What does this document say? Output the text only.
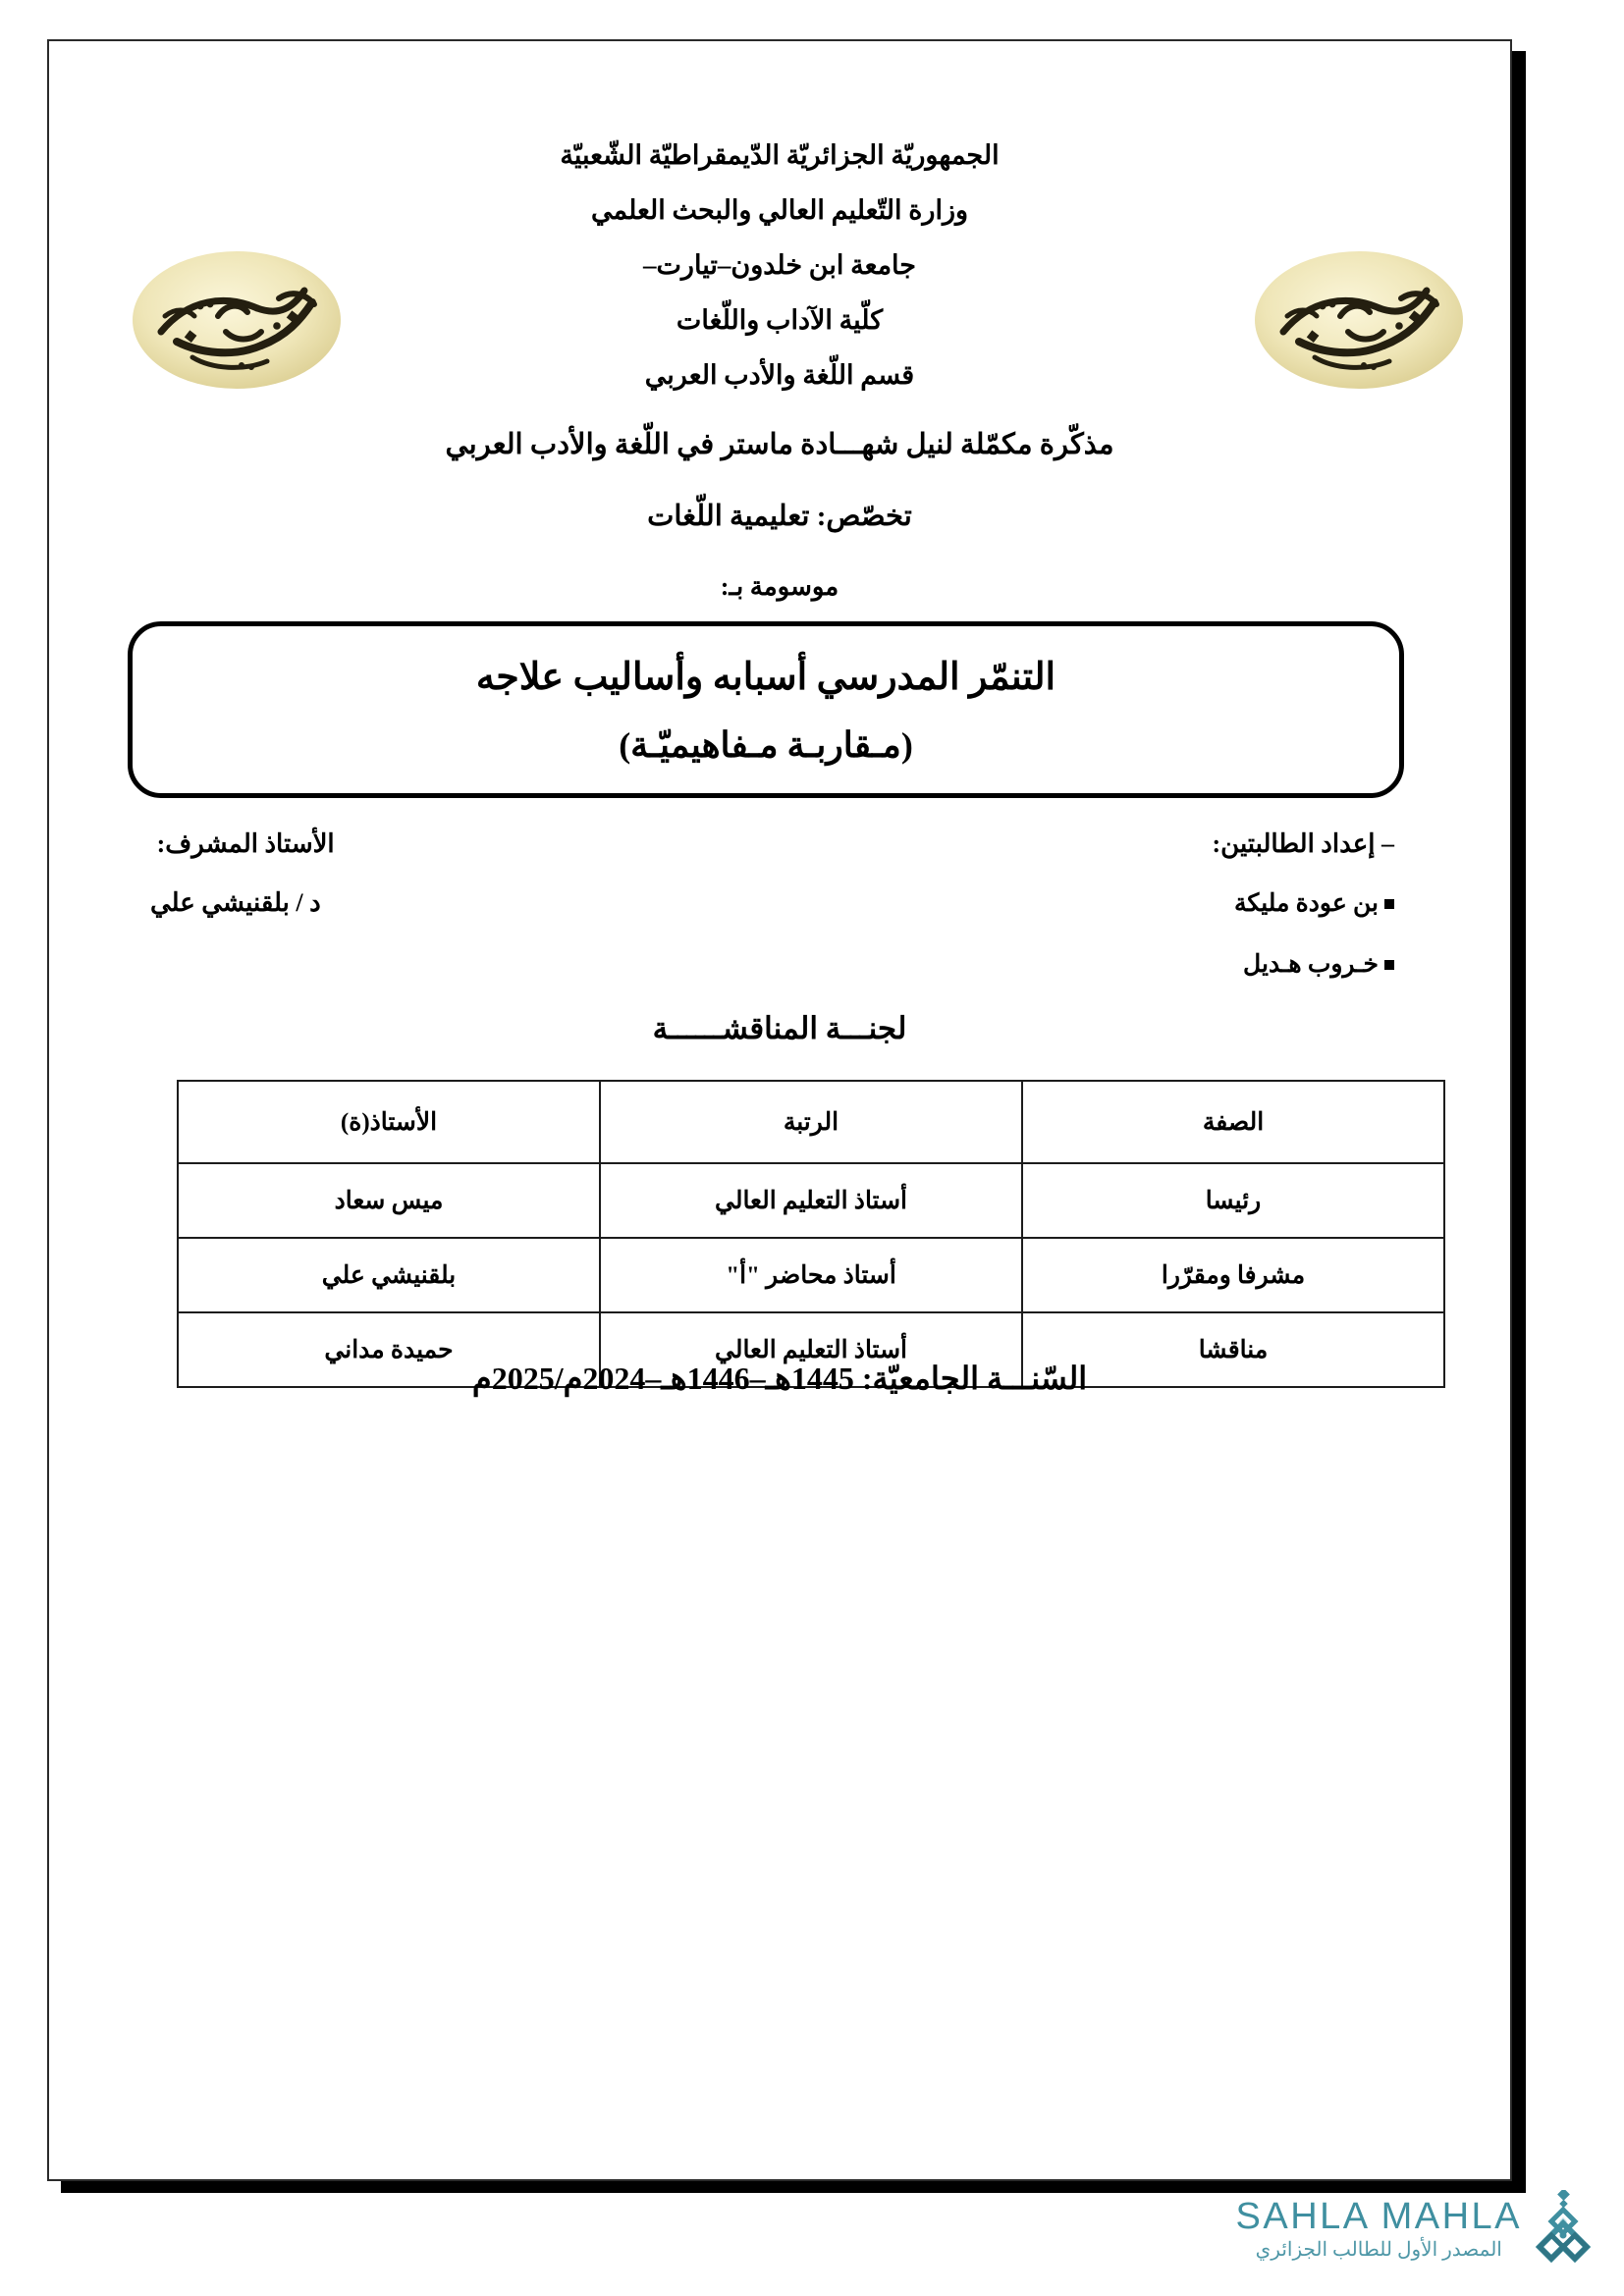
الجمهوريّة الجزائريّة الدّيمقراطيّة الشّعبيّة
وزارة التّعليم العالي والبحث العلمي
جامعة ابن خلدون–تيارت–
كلّية الآداب واللّغات
قسم اللّغة والأدب العربي
مذكّرة مكمّلة لنيل شهـــادة ماستر في اللّغة والأدب العربي
تخصّص: تعليمية اللّغات
موسومة بـ:
التنمّر المدرسي أسبابه وأساليب علاجه
(مـقاربـة مـفاهيميّـة)
– إعداد الطالبتين:
بن عودة مليكة
خـروب هـديل
الأستاذ المشرف:
د / بلقنيشي علي
لجنـــة المناقشــــــة
الصفة	الرتبة	الأستاذ(ة)
رئيسا	أستاذ التعليم العالي	ميس سعاد
مشرفا ومقرّرا	أستاذ محاضر "أ"	بلقنيشي علي
مناقشا	أستاذ التعليم العالي	حميدة مداني
السّنـــة الجامعيّة: 1445هـ–1446هـ–2024م/2025م
SAHLA MAHLA
المصدر الأول للطالب الجزائري
